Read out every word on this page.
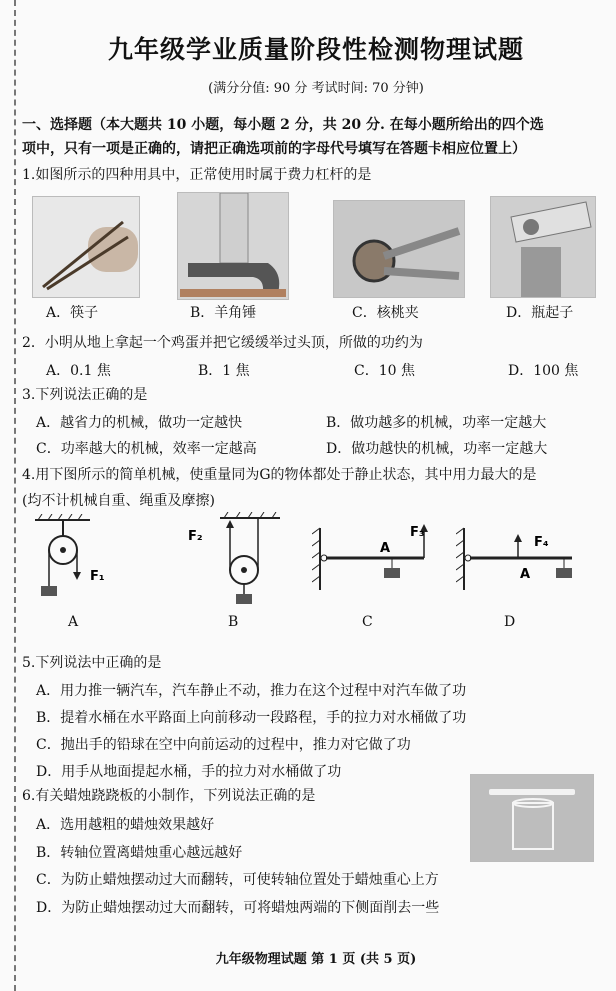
九年级学业质量阶段性检测物理试题
(满分分值: 90 分 考试时间: 70 分钟)
一、选择题（本大题共 10 小题，每小题 2 分，共 20 分. 在每小题所给出的四个选
项中，只有一项是正确的，请把正确选项前的字母代号填写在答题卡相应位置上）
1.如图所示的四种用具中，正常使用时属于费力杠杆的是
A．筷子	B．羊角锤	C．核桃夹	D．瓶起子
2．小明从地上拿起一个鸡蛋并把它缓缓举过头顶，所做的功约为
A．0.1 焦	B．1 焦	C．10 焦	D．100 焦
3.下列说法正确的是
A．越省力的机械，做功一定越快	B．做功越多的机械，功率一定越大
C．功率越大的机械，效率一定越高	D．做功越快的机械，功率一定越大
4.用下图所示的简单机械，使重量同为G的物体都处于静止状态，其中用力最大的是
(均不计机械自重、绳重及摩擦)
F₁
A
F₂
B
A
F₃
C
F₄
A
D
5.下列说法中正确的是
A．用力推一辆汽车，汽车静止不动，推力在这个过程中对汽车做了功
B．提着水桶在水平路面上向前移动一段路程，手的拉力对水桶做了功
C．抛出手的铅球在空中向前运动的过程中，推力对它做了功
D．用手从地面提起水桶，手的拉力对水桶做了功
6.有关蜡烛跷跷板的小制作，下列说法正确的是
A．选用越粗的蜡烛效果越好
B．转轴位置离蜡烛重心越远越好
C．为防止蜡烛摆动过大而翻转，可使转轴位置处于蜡烛重心上方
D．为防止蜡烛摆动过大而翻转，可将蜡烛两端的下侧面削去一些
九年级物理试题 第 1 页 (共 5 页)
